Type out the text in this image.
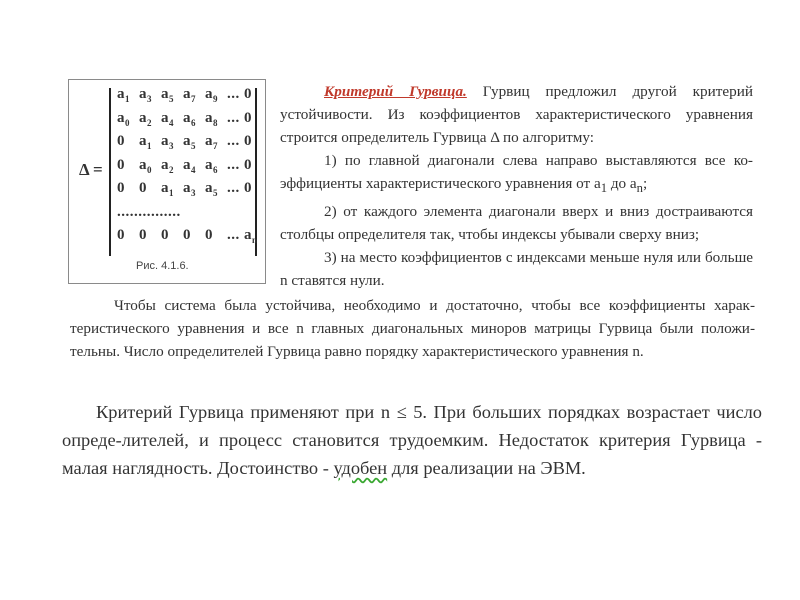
Δ =
$a_1$ $a_3$ $a_5$ $a_7$ $a_9$ ... 0
$a_0$ $a_2$ $a_4$ $a_6$ $a_8$ ... 0
0 $a_1$ $a_3$ $a_5$ $a_7$ ... 0
0 $a_0$ $a_2$ $a_4$ $a_6$ ... 0
0 0 $a_1$ $a_3$ $a_5$ ... 0
...............
0 0 0 0 0 ... $a_n$
Рис. 4.1.6.
Критерий Гурвица. Гурвиц предложил другой критерий устойчивости. Из коэффициентов характеристического уравнения строится определитель Гурвица Δ по алгоритму:
1) по главной диагонали слева направо выставляются все ко-эффициенты характеристического уравнения от $a_1$ до $a_n$;
2) от каждого элемента диагонали вверх и вниз достраиваются столбцы определителя так, чтобы индексы убывали сверху вниз;
3) на место коэффициентов с индексами меньше нуля или больше n ставятся нули.
Чтобы система была устойчива, необходимо и достаточно, чтобы все коэффициенты харак-теристического уравнения и все n главных диагональных миноров матрицы Гурвица были положи-тельны. Число определителей Гурвица равно порядку характеристического уравнения n.
Критерий Гурвица применяют при n ≤ 5. При больших порядках возрастает число опреде-лителей, и процесс становится трудоемким. Недостаток критерия Гурвица - малая наглядность. Достоинство - удобен для реализации на ЭВМ.
